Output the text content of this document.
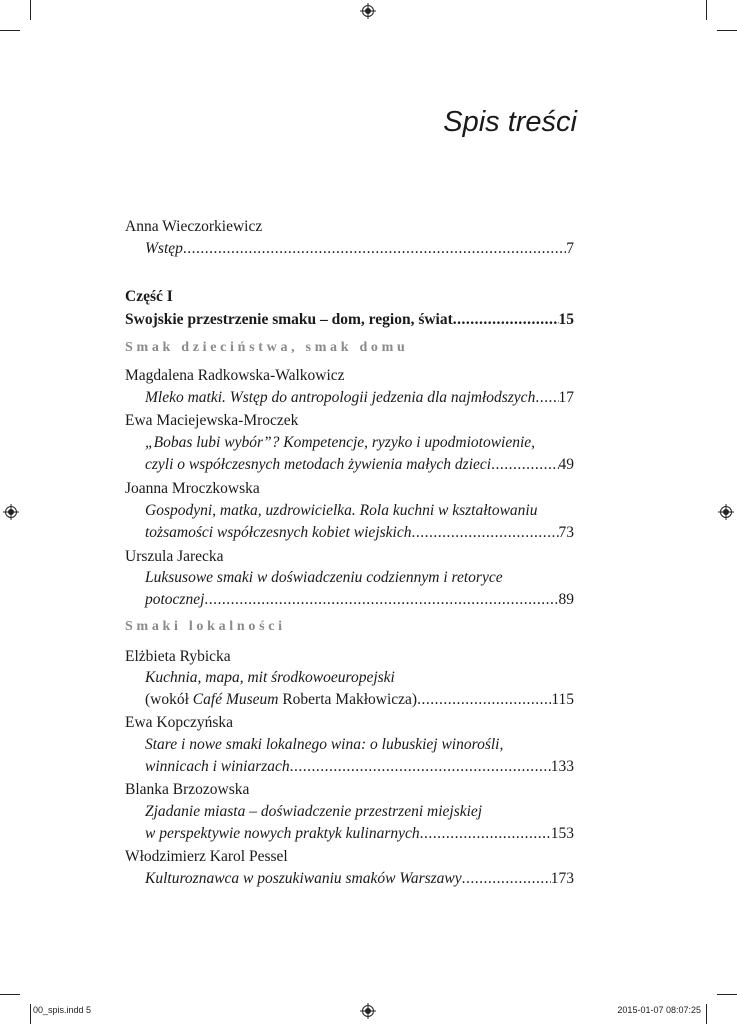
Spis treści
Anna Wieczorkiewicz
Wstęp .....	7
Część I
Swojskie przestrzenie smaku – dom, region, świat .....	15
Smak dzieciństwa, smak domu
Magdalena Radkowska-Walkowicz
Mleko matki. Wstęp do antropologii jedzenia dla najmłodszych ..... 17
Ewa Maciejewska-Mroczek
„Bobas lubi wybór”? Kompetencje, ryzyko i upodmiotowienie,
czyli o współczesnych metodach żywienia małych dzieci .....	49
Joanna Mroczkowska
Gospodyni, matka, uzdrowicielka. Rola kuchni w kształtowaniu
tożsamości współczesnych kobiet wiejskich .....	73
Urszula Jarecka
Luksusowe smaki w doświadczeniu codziennym i retoryce
potocznej .....	89
Smaki lokalności
Elżbieta Rybicka
Kuchnia, mapa, mit środkowoeuropejski
(wokół Café Museum Roberta Makłowicza) .....	115
Ewa Kopczyńska
Stare i nowe smaki lokalnego wina: o lubuskiej winorośli,
winnicach i winiarzach .....	133
Blanka Brzozowska
Zjadanie miasta – doświadczenie przestrzeni miejskiej
w perspektywie nowych praktyk kulinarnych .....	153
Włodzimierz Karol Pessel
Kulturoznawca w poszukiwaniu smaków Warszawy .....	173
00_spis.indd 5	2015-01-07 08:07:25
